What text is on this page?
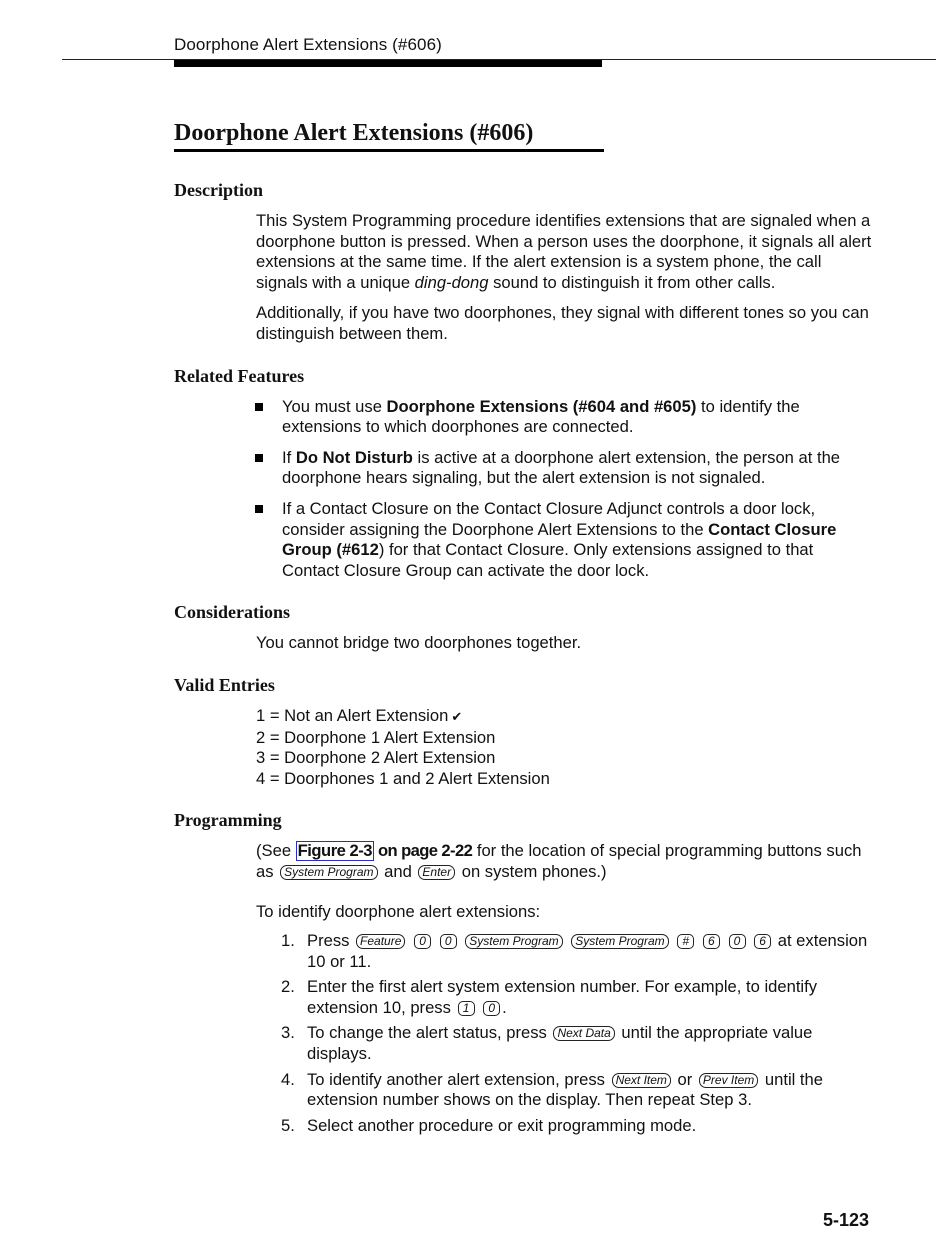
Doorphone Alert Extensions (#606)
Doorphone Alert Extensions (#606)
Description

This System Programming procedure identifies extensions that are signaled when a doorphone button is pressed. When a person uses the doorphone, it signals all alert extensions at the same time. If the alert extension is a system phone, the call signals with a unique ding-dong sound to distinguish it from other calls.

Additionally, if you have two doorphones, they signal with different tones so you can distinguish between them.

Related Features
You must use Doorphone Extensions (#604 and #605) to identify the extensions to which doorphones are connected.
If Do Not Disturb is active at a doorphone alert extension, the person at the doorphone hears signaling, but the alert extension is not signaled.
If a Contact Closure on the Contact Closure Adjunct controls a door lock, consider assigning the Doorphone Alert Extensions to the Contact Closure Group (#612) for that Contact Closure. Only extensions assigned to that Contact Closure Group can activate the door lock.
Considerations

You cannot bridge two doorphones together.

Valid Entries
1 = Not an Alert Extension ✔
2 = Doorphone 1 Alert Extension
3 = Doorphone 2 Alert Extension
4 = Doorphones 1 and 2 Alert Extension
Programming

(See Figure 2-3 on page 2-22 for the location of special programming buttons such as System Program and Enter on system phones.)

To identify doorphone alert extensions:

1. Press Feature 0 0 System Program System Program # 6 0 6 at extension 10 or 11.
2. Enter the first alert system extension number. For example, to identify extension 10, press 1 0 .
3. To change the alert status, press Next Data until the appropriate value displays.
4. To identify another alert extension, press Next Item or Prev Item until the extension number shows on the display. Then repeat Step 3.
5. Select another procedure or exit programming mode.
5-123
